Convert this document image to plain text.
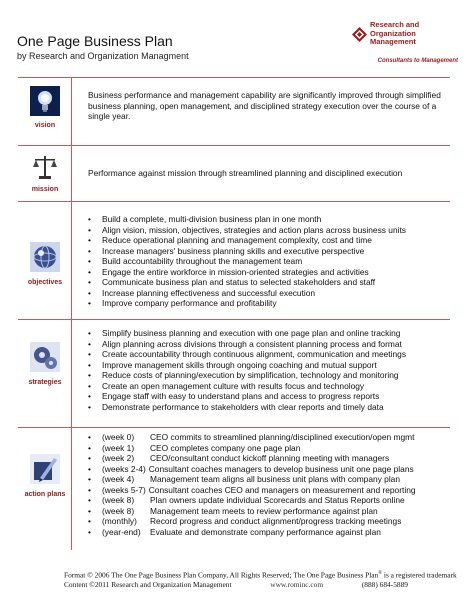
One Page Business Plan
by Research and Organization Managment
Research and
Organization
Management
Consultants to Management
vision
Business performance and management capability are significantly improved through simplified business planning, open management, and disciplined strategy execution over the course of a single year.
mission
Performance against mission through streamlined planning and disciplined execution
objectives
• Build a complete, multi-division business plan in one month
• Align vision, mission, objectives, strategies and action plans across business units
• Reduce operational planning and management complexity, cost and time
• Increase managers' business planning skills and executive perspective
• Build accountability throughout the management team
• Engage the entire workforce in mission-oriented strategies and activities
• Communicate business plan and status to selected stakeholders and staff
• Increase planning effectiveness and successful execution
• Improve company performance and profitability
strategies
• Simplify business planning and execution with one page plan and online tracking
• Align planning across divisions through a consistent planning process and format
• Create accountability through continuous alignment, communication and meetings
• Improve management skills through ongoing coaching and mutual support
• Reduce costs of planning/execution by simplification, technology and monitoring
• Create an open management culture with results focus and technology
• Engage staff with easy to understand plans and access to progress reports
• Demonstrate performance to stakeholders with clear reports and timely data
action plans
•	(week 0)	CEO commits to streamlined planning/disciplined execution/open mgmt
•	(week 1)	CEO completes company one page plan
•	(week 2)	CEO/consultant conduct kickoff planning meeting with managers
•	(weeks 2-4) Consultant coaches managers to develop business unit one page plans
•	(week 4)	Management team aligns all business unit plans with company plan
•	(weeks 5-7) Consultant coaches CEO and managers on measurement and reporting
•	(week 8)	Plan owners update individual Scorecards and Status Reports online
•	(week 8)	Management team meets to review performance against plan
•	(monthly)	Record progress and conduct alignment/progress tracking meetings
•	(year-end)	Evaluate and demonstrate company performance against plan
Format © 2006 The One Page Business Plan Company, All Rights Reserved; The One Page Business Plan® is a registered trademark
Content ©2011 Research and Organization Management	www.rominc.com	(888) 684-5889
